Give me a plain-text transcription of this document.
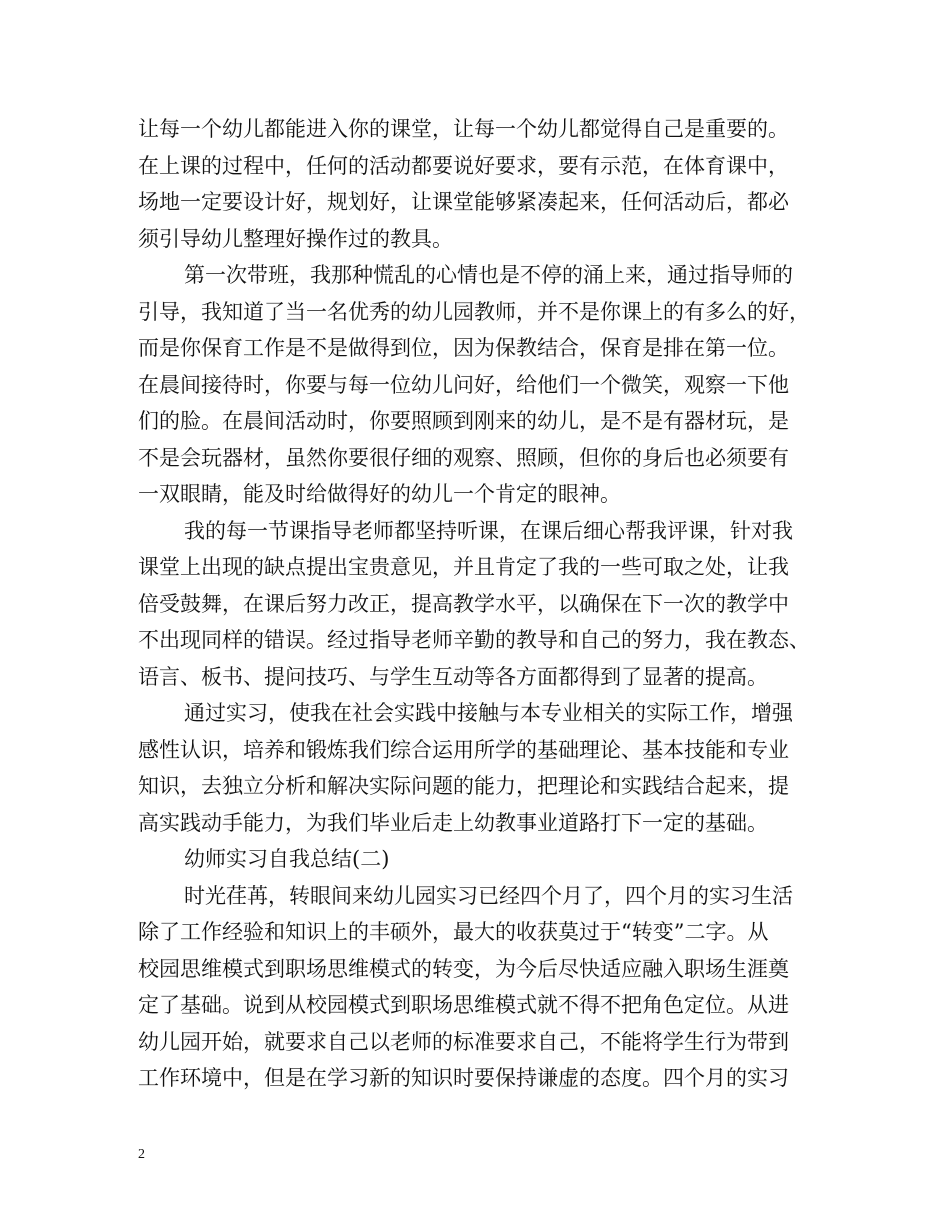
让每一个幼儿都能进入你的课堂，让每一个幼儿都觉得自己是重要的。
在上课的过程中，任何的活动都要说好要求，要有示范，在体育课中，
场地一定要设计好，规划好，让课堂能够紧凑起来，任何活动后，都必
须引导幼儿整理好操作过的教具。
第一次带班，我那种慌乱的心情也是不停的涌上来，通过指导师的
引导，我知道了当一名优秀的幼儿园教师，并不是你课上的有多么的好，
而是你保育工作是不是做得到位，因为保教结合，保育是排在第一位。
在晨间接待时，你要与每一位幼儿问好，给他们一个微笑，观察一下他
们的脸。在晨间活动时，你要照顾到刚来的幼儿，是不是有器材玩，是
不是会玩器材，虽然你要很仔细的观察、照顾，但你的身后也必须要有
一双眼睛，能及时给做得好的幼儿一个肯定的眼神。
我的每一节课指导老师都坚持听课，在课后细心帮我评课，针对我
课堂上出现的缺点提出宝贵意见，并且肯定了我的一些可取之处，让我
倍受鼓舞，在课后努力改正，提高教学水平，以确保在下一次的教学中
不出现同样的错误。经过指导老师辛勤的教导和自己的努力，我在教态、
语言、板书、提问技巧、与学生互动等各方面都得到了显著的提高。
通过实习，使我在社会实践中接触与本专业相关的实际工作，增强
感性认识，培养和锻炼我们综合运用所学的基础理论、基本技能和专业
知识，去独立分析和解决实际问题的能力，把理论和实践结合起来，提
高实践动手能力，为我们毕业后走上幼教事业道路打下一定的基础。
幼师实习自我总结(二)
时光荏苒，转眼间来幼儿园实习已经四个月了，四个月的实习生活
除了工作经验和知识上的丰硕外，最大的收获莫过于“转变”二字。从
校园思维模式到职场思维模式的转变，为今后尽快适应融入职场生涯奠
定了基础。说到从校园模式到职场思维模式就不得不把角色定位。从进
幼儿园开始，就要求自己以老师的标准要求自己，不能将学生行为带到
工作环境中，但是在学习新的知识时要保持谦虚的态度。四个月的实习
2
